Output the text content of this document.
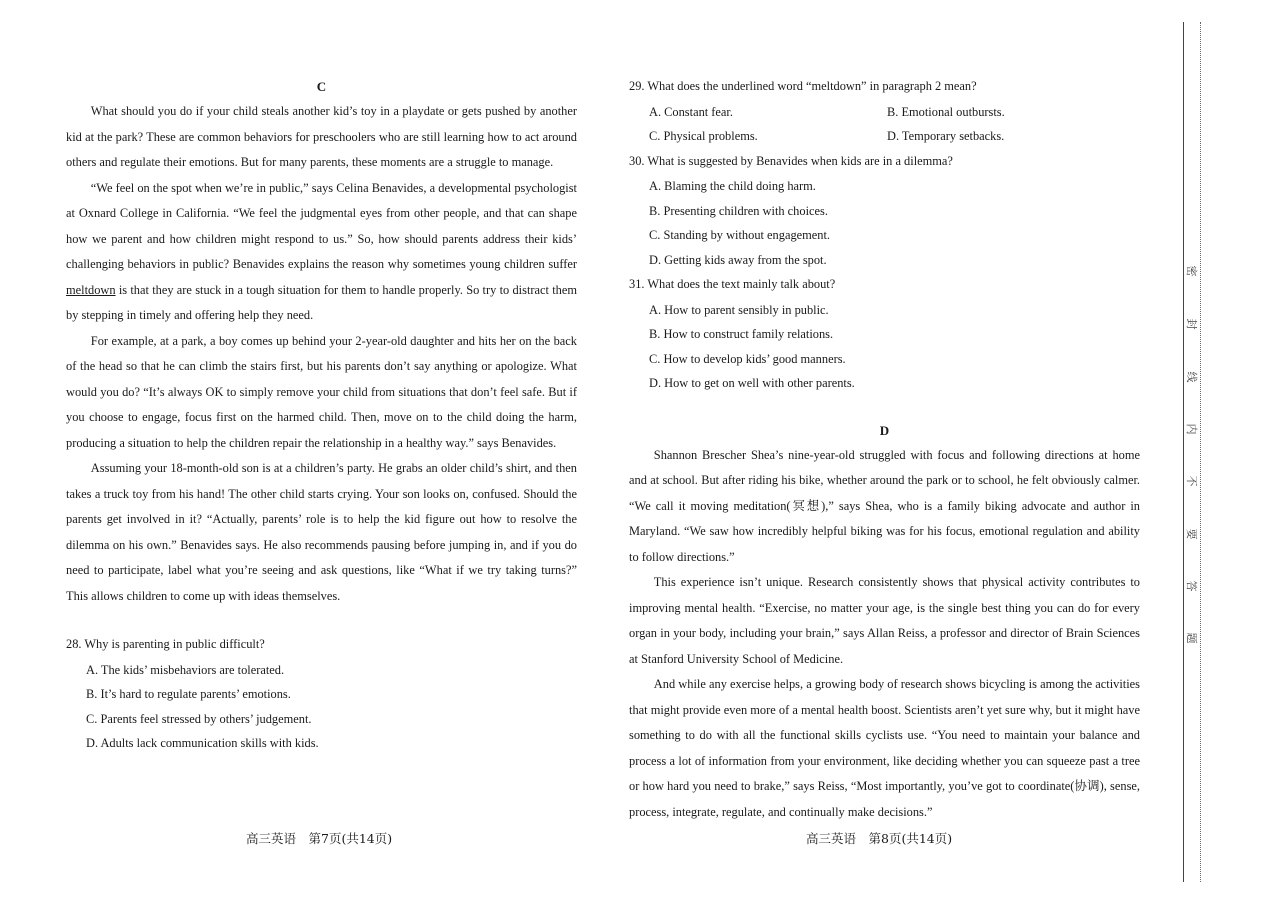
C

What should you do if your child steals another kid’s toy in a playdate or gets pushed by another kid at the park? These are common behaviors for preschoolers who are still learning how to act around others and regulate their emotions. But for many parents, these moments are a struggle to manage.

“We feel on the spot when we’re in public,” says Celina Benavides, a developmental psychologist at Oxnard College in California. “We feel the judgmental eyes from other people, and that can shape how we parent and how children might respond to us.” So, how should parents address their kids’ challenging behaviors in public? Benavides explains the reason why sometimes young children suffer meltdown is that they are stuck in a tough situation for them to handle properly. So try to distract them by stepping in timely and offering help they need.

For example, at a park, a boy comes up behind your 2-year-old daughter and hits her on the back of the head so that he can climb the stairs first, but his parents don’t say anything or apologize. What would you do? “It’s always OK to simply remove your child from situations that don’t feel safe. But if you choose to engage, focus first on the harmed child. Then, move on to the child doing the harm, producing a situation to help the children repair the relationship in a healthy way.” says Benavides.

Assuming your 18-month-old son is at a children’s party. He grabs an older child’s shirt, and then takes a truck toy from his hand! The other child starts crying. Your son looks on, confused. Should the parents get involved in it? “Actually, parents’ role is to help the kid figure out how to resolve the dilemma on his own.” Benavides says. He also recommends pausing before jumping in, and if you do need to participate, label what you’re seeing and ask questions, like “What if we try taking turns?” This allows children to come up with ideas themselves.

28. Why is parenting in public difficult?

A. The kids’ misbehaviors are tolerated.

B. It’s hard to regulate parents’ emotions.

C. Parents feel stressed by others’ judgement.

D. Adults lack communication skills with kids.

29. What does the underlined word “meltdown” in paragraph 2 mean?

A. Constant fear.	B. Emotional outbursts.
C. Physical problems.	D. Temporary setbacks.

30. What is suggested by Benavides when kids are in a dilemma?

A. Blaming the child doing harm.

B. Presenting children with choices.

C. Standing by without engagement.

D. Getting kids away from the spot.

31. What does the text mainly talk about?

A. How to parent sensibly in public.

B. How to construct family relations.

C. How to develop kids’ good manners.

D. How to get on well with other parents.

D

Shannon Brescher Shea’s nine-year-old struggled with focus and following directions at home and at school. But after riding his bike, whether around the park or to school, he felt obviously calmer. “We call it moving meditation(冥想),” says Shea, who is a family biking advocate and author in Maryland. “We saw how incredibly helpful biking was for his focus, emotional regulation and ability to follow directions.”

This experience isn’t unique. Research consistently shows that physical activity contributes to improving mental health. “Exercise, no matter your age, is the single best thing you can do for every organ in your body, including your brain,” says Allan Reiss, a professor and director of Brain Sciences at Stanford University School of Medicine.

And while any exercise helps, a growing body of research shows bicycling is among the activities that might provide even more of a mental health boost. Scientists aren’t yet sure why, but it might have something to do with all the functional skills cyclists use. “You need to maintain your balance and process a lot of information from your environment, like deciding whether you can squeeze past a tree or how hard you need to brake,” says Reiss, “Most importantly, you’ve got to coordinate(协调), sense, process, integrate, regulate, and continually make decisions.”

高三英语　第7页(共14页)	高三英语　第8页(共14页)
密
封
线
内
不
要
答
题
